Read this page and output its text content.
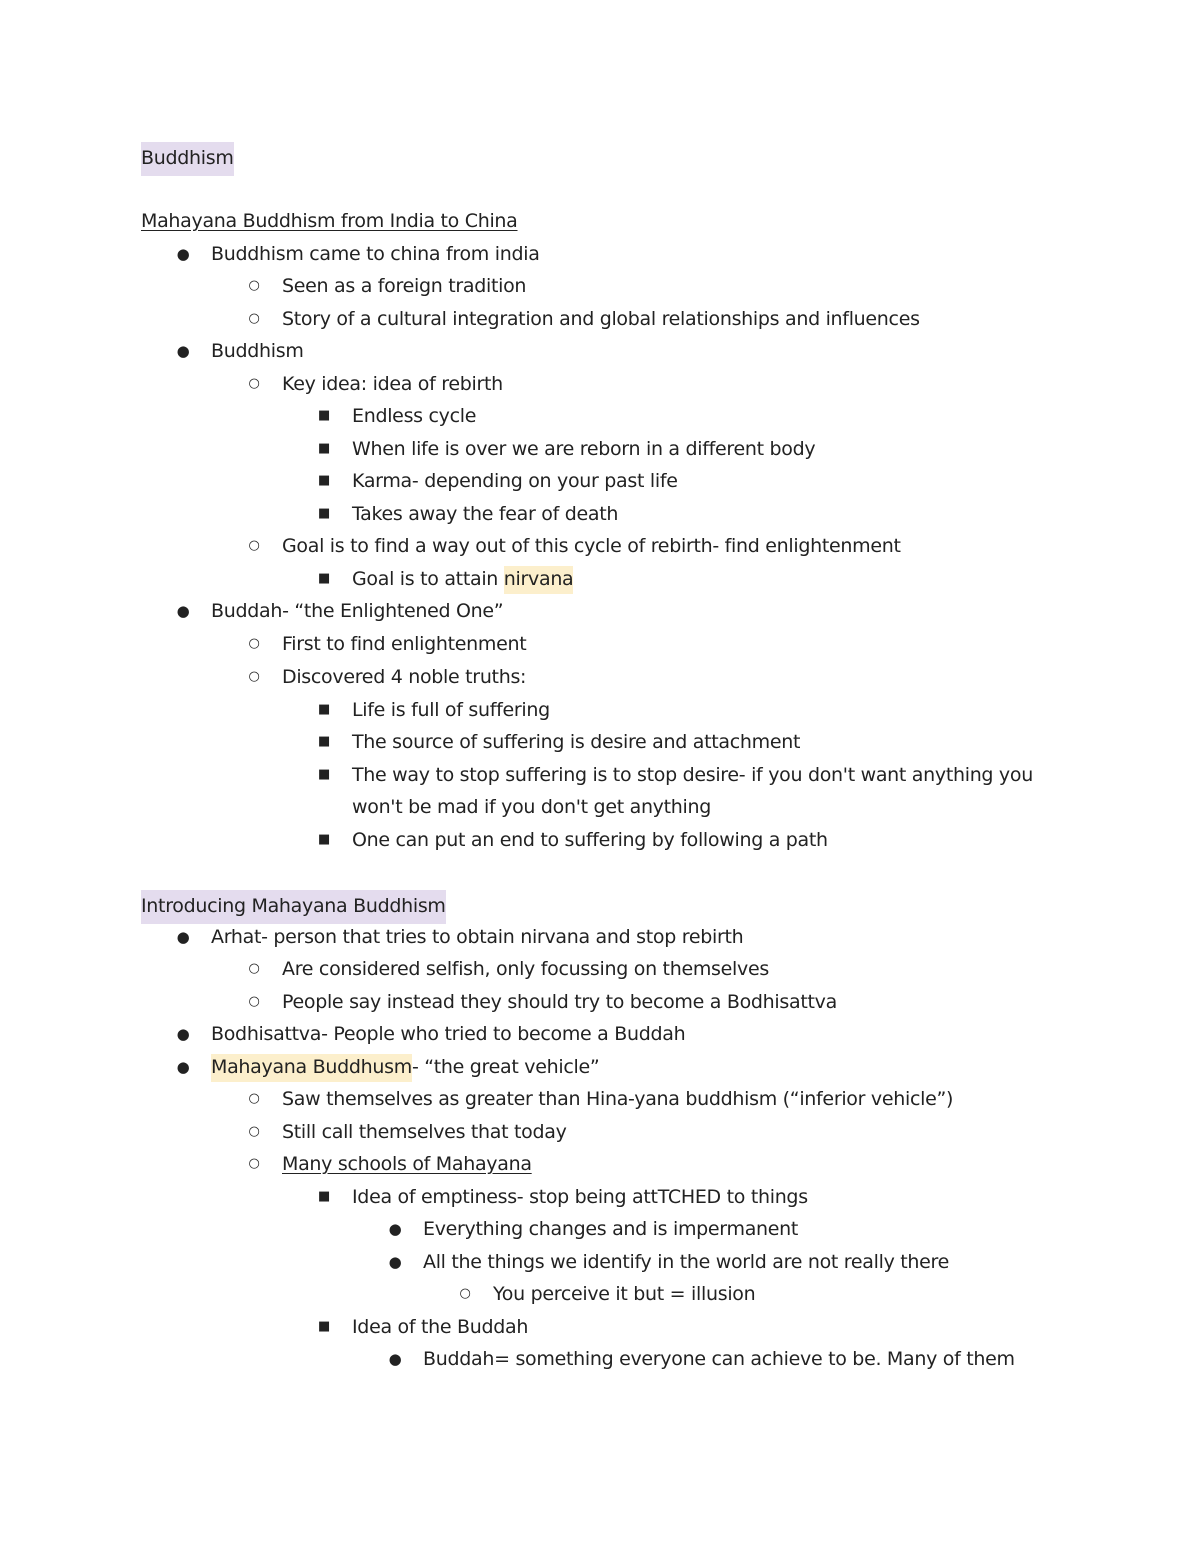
Buddhism
Mahayana Buddhism from India to China
● Buddhism came to china from india
○ Seen as a foreign tradition
○ Story of a cultural integration and global relationships and influences
● Buddhism
○ Key idea: idea of rebirth
■ Endless cycle
■ When life is over we are reborn in a different body
■ Karma- depending on your past life
■ Takes away the fear of death
○ Goal is to find a way out of this cycle of rebirth- find enlightenment
■ Goal is to attain nirvana
● Buddah- “the Enlightened One”
○ First to find enlightenment
○ Discovered 4 noble truths:
■ Life is full of suffering
■ The source of suffering is desire and attachment
■ The way to stop suffering is to stop desire- if you don't want anything you
won't be mad if you don't get anything
■ One can put an end to suffering by following a path
Introducing Mahayana Buddhism
● Arhat- person that tries to obtain nirvana and stop rebirth
○ Are considered selfish, only focussing on themselves
○ People say instead they should try to become a Bodhisattva
● Bodhisattva- People who tried to become a Buddah
● Mahayana Buddhusm- “the great vehicle”
○ Saw themselves as greater than Hina-yana buddhism (“inferior vehicle”)
○ Still call themselves that today
○ Many schools of Mahayana
■ Idea of emptiness- stop being attTCHED to things
● Everything changes and is impermanent
● All the things we identify in the world are not really there
○ You perceive it but = illusion
■ Idea of the Buddah
● Buddah= something everyone can achieve to be. Many of them
